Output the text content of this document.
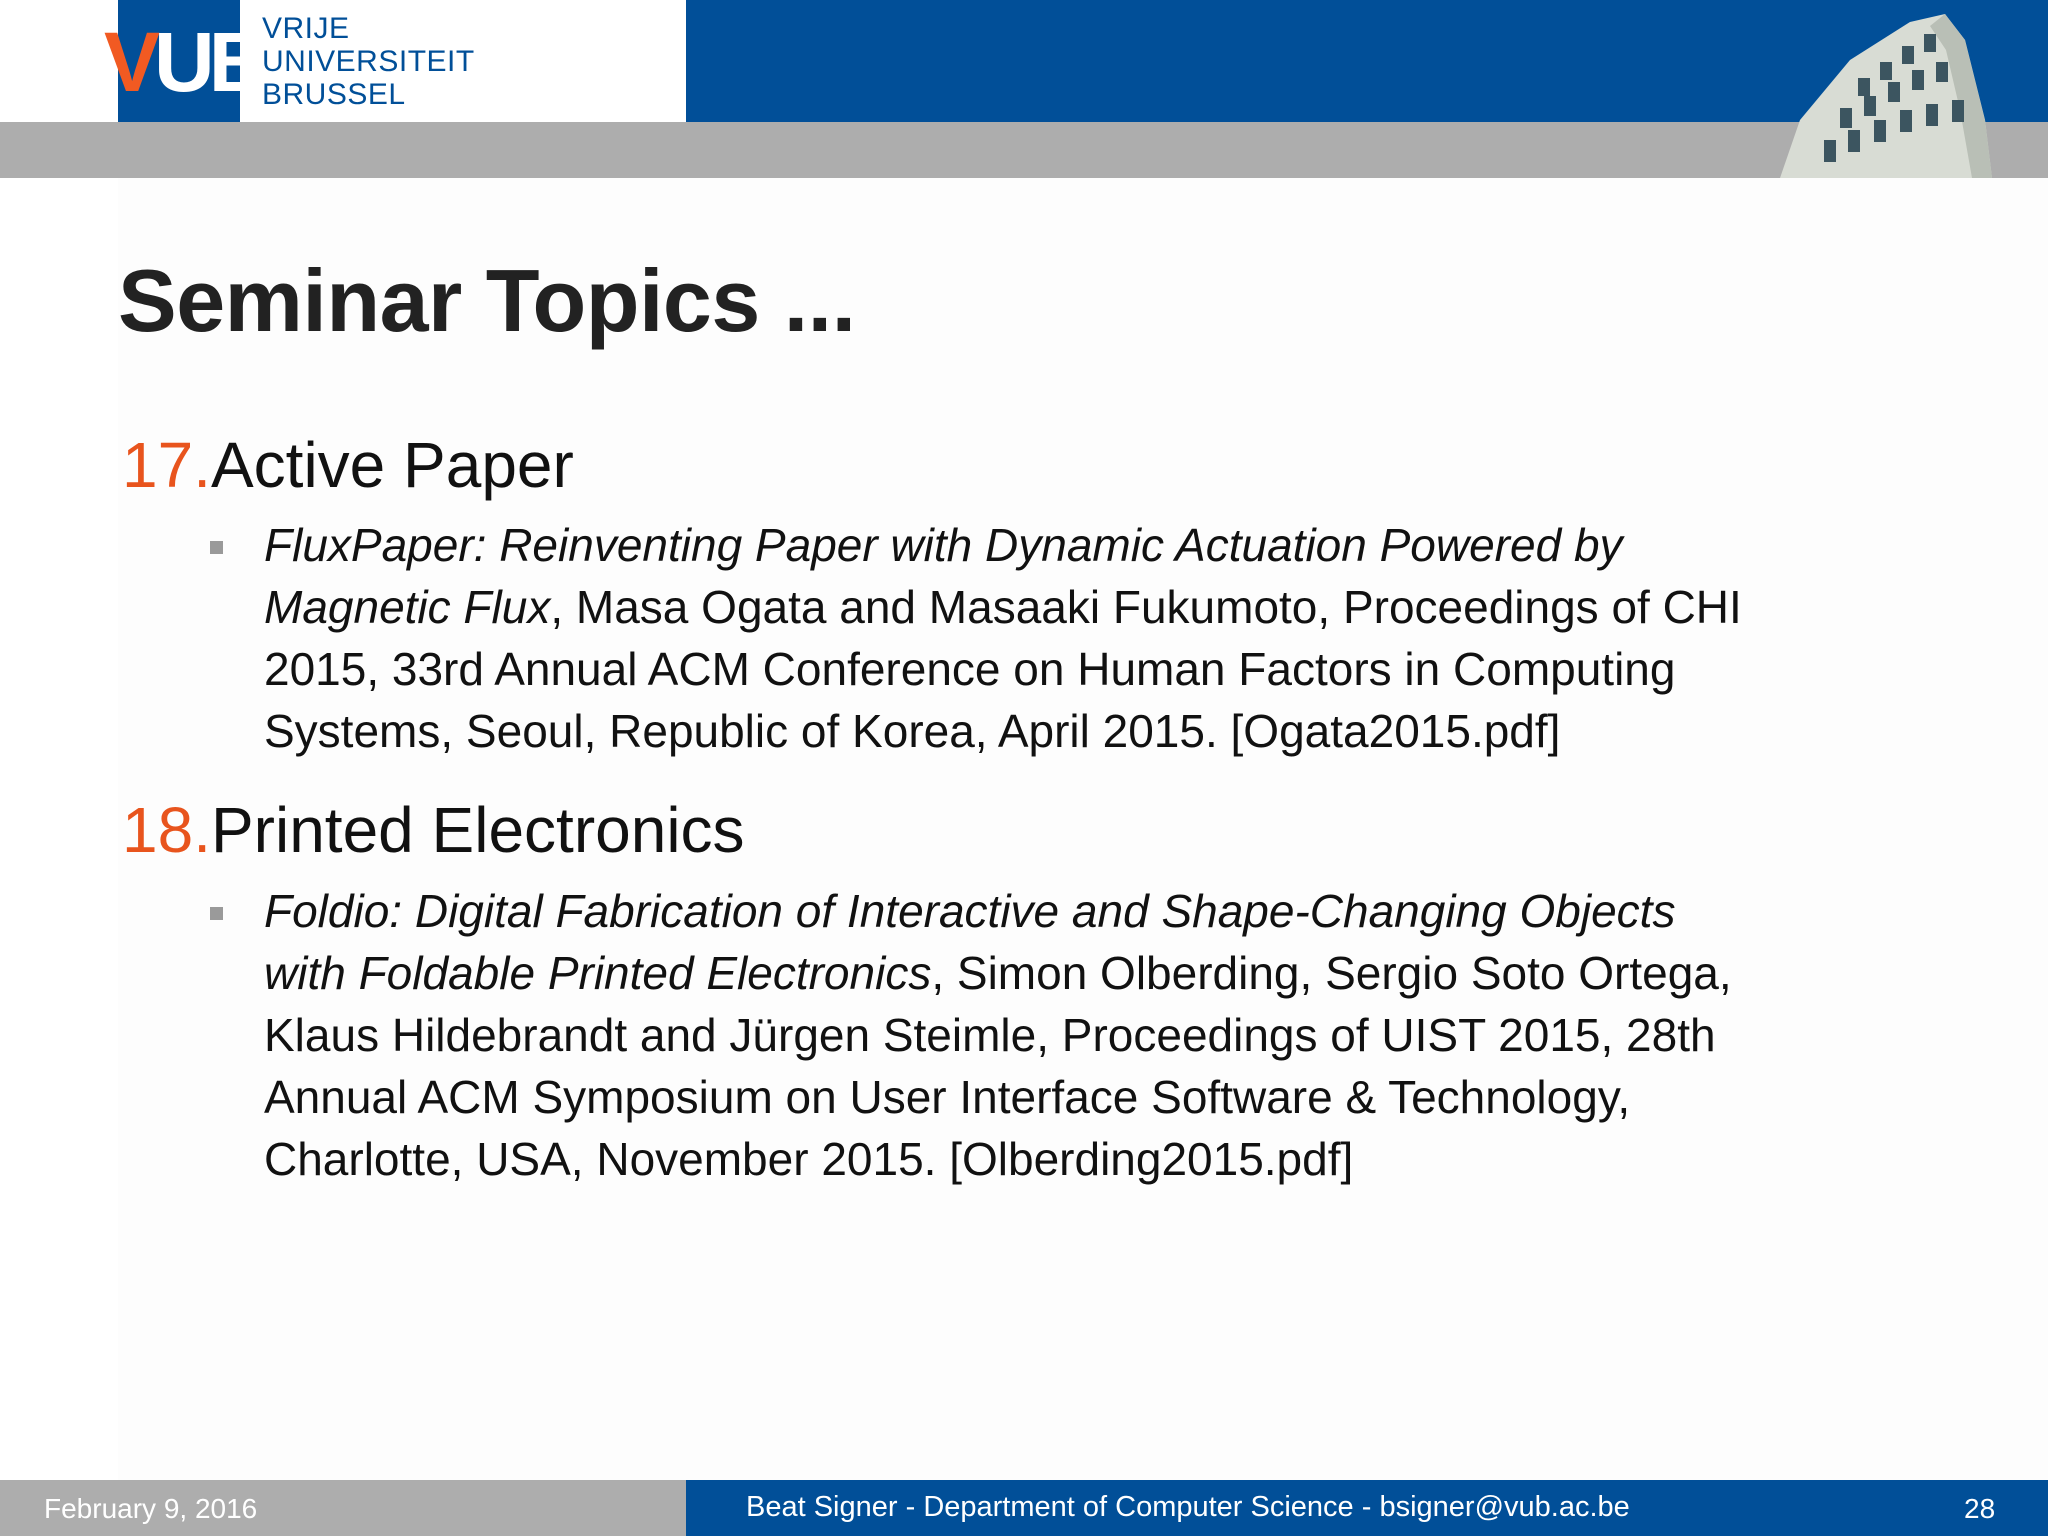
VUB
VRIJE
UNIVERSITEIT
BRUSSEL
Seminar Topics ...
17.Active Paper
FluxPaper: Reinventing Paper with Dynamic Actuation Powered by
Magnetic Flux, Masa Ogata and Masaaki Fukumoto, Proceedings of CHI
2015, 33rd Annual ACM Conference on Human Factors in Computing
Systems, Seoul, Republic of Korea, April 2015. [Ogata2015.pdf]
18.Printed Electronics
Foldio: Digital Fabrication of Interactive and Shape-Changing Objects
with Foldable Printed Electronics, Simon Olberding, Sergio Soto Ortega,
Klaus Hildebrandt and Jürgen Steimle, Proceedings of UIST 2015, 28th
Annual ACM Symposium on User Interface Software & Technology,
Charlotte, USA, November 2015. [Olberding2015.pdf]
February 9, 2016	Beat Signer - Department of Computer Science - bsigner@vub.ac.be	28
